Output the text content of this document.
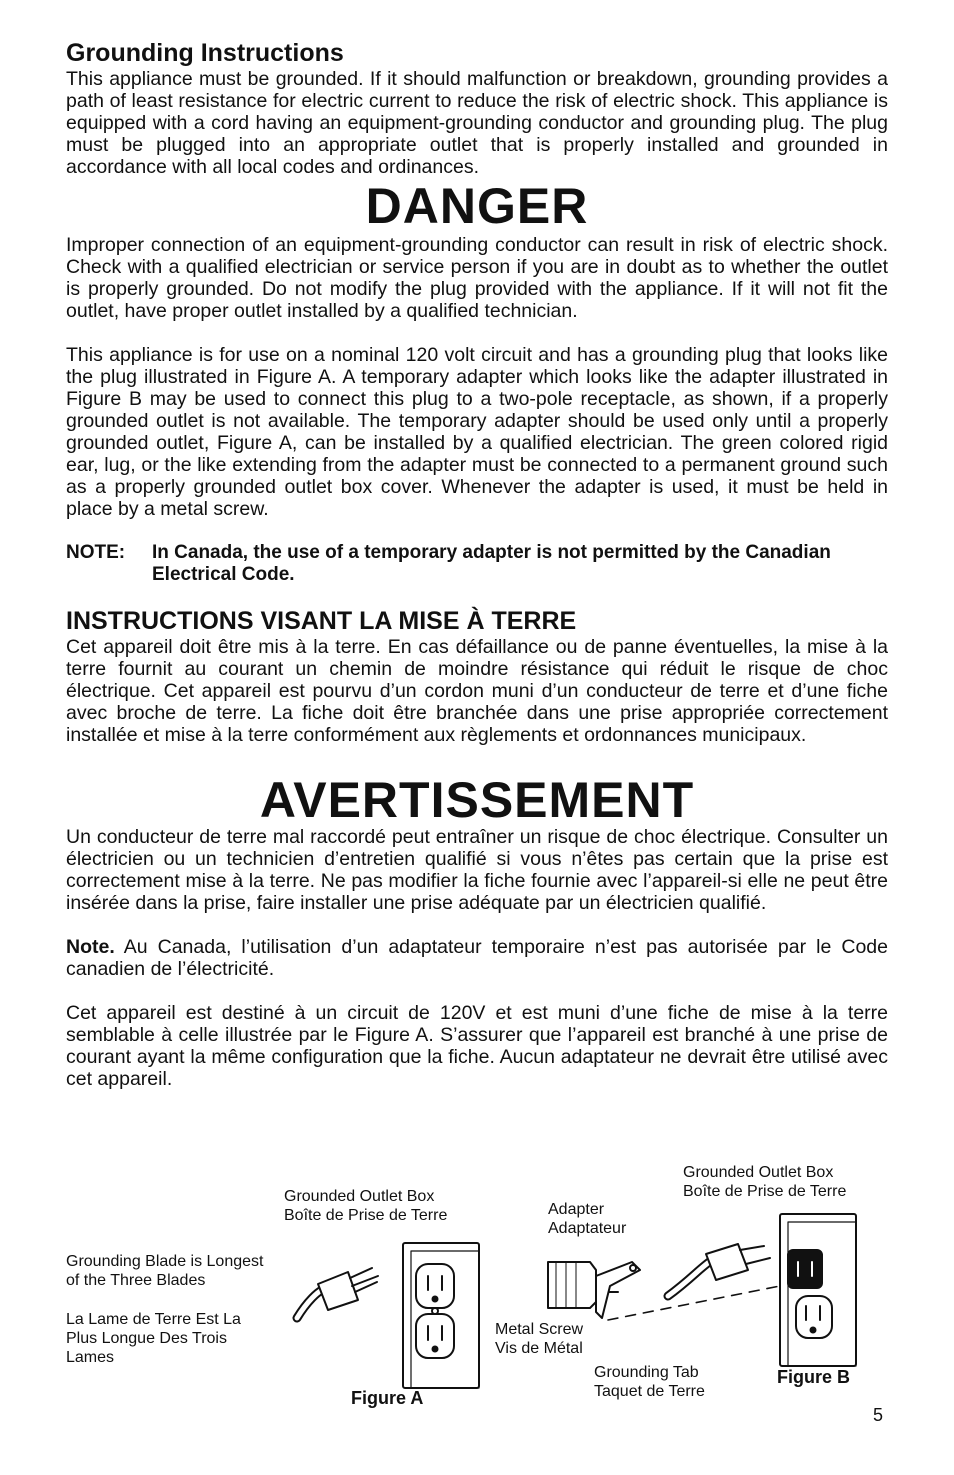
Grounding Instructions

This appliance must be grounded. If it should malfunction or breakdown, grounding provides a path of least resistance for electric current to reduce the risk of electric shock. This appliance is equipped with a cord having an equipment-grounding conductor and grounding plug. The plug must be plugged into an appropriate outlet that is properly installed and grounded in accordance with all local codes and ordinances.

DANGER

Improper connection of an equipment-grounding conductor can result in risk of electric shock. Check with a qualified electrician or service person if you are in doubt as to whether the outlet is properly grounded. Do not modify the plug provided with the appliance. If it will not fit the outlet, have proper outlet installed by a qualified technician.

This appliance is for use on a nominal 120 volt circuit and has a grounding plug that looks like the plug illustrated in Figure A. A temporary adapter which looks like the adapter illustrated in Figure B may be used to connect this plug to a two-pole receptacle, as shown, if a properly grounded outlet is not available. The temporary adapter should be used only until a properly grounded outlet, Figure A, can be installed by a qualified electrician. The green colored rigid ear, lug, or the like extending from the adapter must be connected to a permanent ground such as a properly grounded outlet box cover. Whenever the adapter is used, it must be held in place by a metal screw.

NOTE:	In Canada, the use of a temporary adapter is not permitted by the Canadian Electrical Code.
INSTRUCTIONS VISANT LA MISE À TERRE

Cet appareil doit être mis à la terre. En cas défaillance ou de panne éventuelles, la mise à la terre fournit au courant un chemin de moindre résistance qui réduit le risque de choc électrique. Cet appareil est pourvu d’un cordon muni d’un conducteur de terre et d’une fiche avec broche de terre. La fiche doit être branchée dans une prise appropriée correctement installée et mise à la terre conformément aux règlements et ordonnances municipaux.

AVERTISSEMENT

Un conducteur de terre mal raccordé peut entraîner un risque de choc électrique. Consulter un électricien ou un technicien d’entretien qualifié si vous n’êtes pas certain que la prise est correctement mise à la terre. Ne pas modifier la fiche fournie avec l’appareil-si elle ne peut être insérée dans la prise, faire installer une prise adéquate par un électricien qualifié.

Note. Au Canada, l’utilisation d’un adaptateur temporaire n’est pas autorisée par le Code canadien de l’électricité.

Cet appareil est destiné à un circuit de 120V et est muni d’une fiche de mise à la terre semblable à celle illustrée par le Figure A. S’assurer que l’appareil est branché à une prise de courant ayant la même configuration que la fiche. Aucun adaptateur ne devrait être utilisé avec cet appareil.

Grounded Outlet Box
Boîte de Prise de Terre
Grounding Blade is Longest
of the Three Blades
La Lame de Terre Est La
Plus Longue Des Trois
Lames
Figure A
Adapter
Adaptateur
Metal Screw
Vis de Métal
Grounding Tab
Taquet de Terre
Grounded Outlet Box
Boîte de Prise de Terre
Figure B
5
